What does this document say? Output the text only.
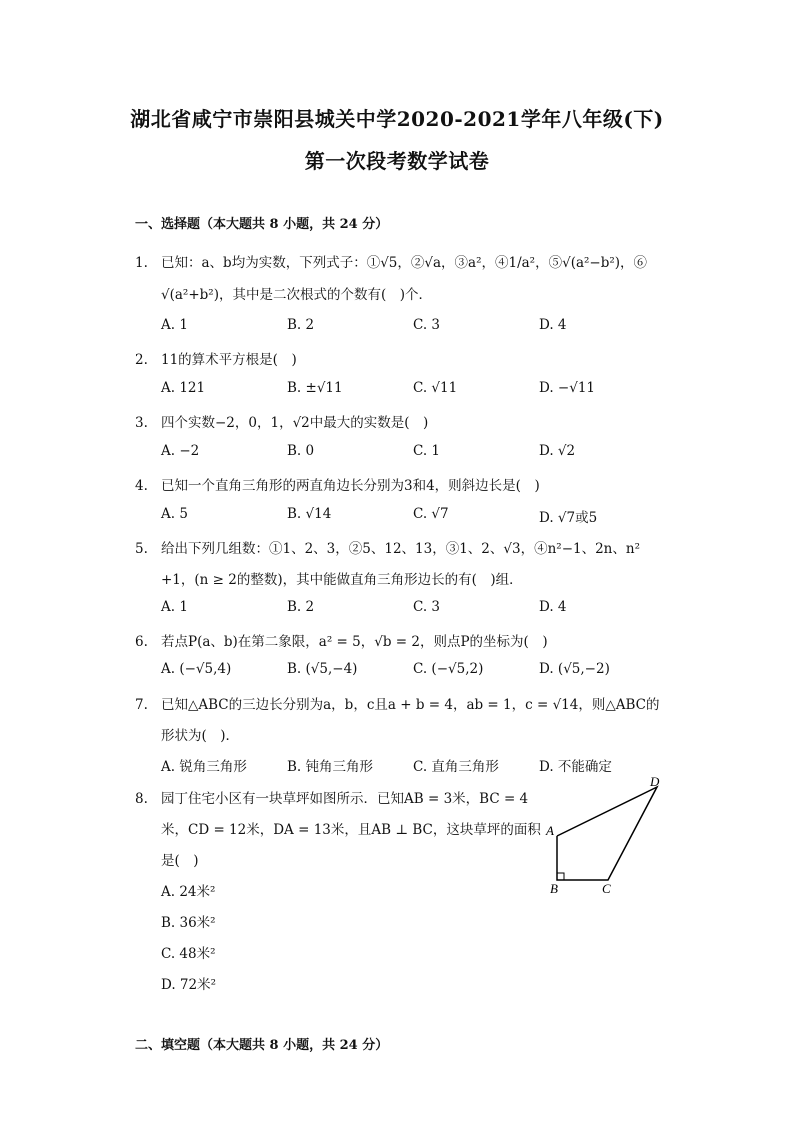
湖北省咸宁市崇阳县城关中学2020-2021学年八年级(下)
第一次段考数学试卷
一、选择题（本大题共 8 小题，共 24 分）
1. 已知：a、b均为实数，下列式子：①√5，②√a，③a²，④1/a²，⑤√(a²−b²)，⑥
√(a²+b²)，其中是二次根式的个数有(　)个．
A. 1	B. 2	C. 3	D. 4
2. 11的算术平方根是(　)
A. 121	B. ±√11	C. √11	D. −√11
3. 四个实数−2，0，1，√2中最大的实数是(　)
A. −2	B. 0	C. 1	D. √2
4. 已知一个直角三角形的两直角边长分别为3和4，则斜边长是(　)
A. 5	B. √14	C. √7	D. √7或5
5. 给出下列几组数：①1、2、3，②5、12、13，③1、2、√3，④n²−1、2n、n²
+1，(n ≥ 2的整数)，其中能做直角三角形边长的有(　)组．
A. 1	B. 2	C. 3	D. 4
6. 若点P(a、b)在第二象限，a² = 5，√b = 2，则点P的坐标为(　)
A. (−√5,4)	B. (√5,−4)	C. (−√5,2)	D. (√5,−2)
7. 已知△ABC的三边长分别为a，b，c且a + b = 4，ab = 1，c = √14，则△ABC的
形状为(　)．
A. 锐角三角形	B. 钝角三角形	C. 直角三角形	D. 不能确定
8. 园丁住宅小区有一块草坪如图所示．已知AB = 3米，BC = 4
米，CD = 12米，DA = 13米，且AB ⊥ BC，这块草坪的面积
是(　)
A. 24米²
B. 36米²
C. 48米²
D. 72米²
A
B	C
D
二、填空题（本大题共 8 小题，共 24 分）
